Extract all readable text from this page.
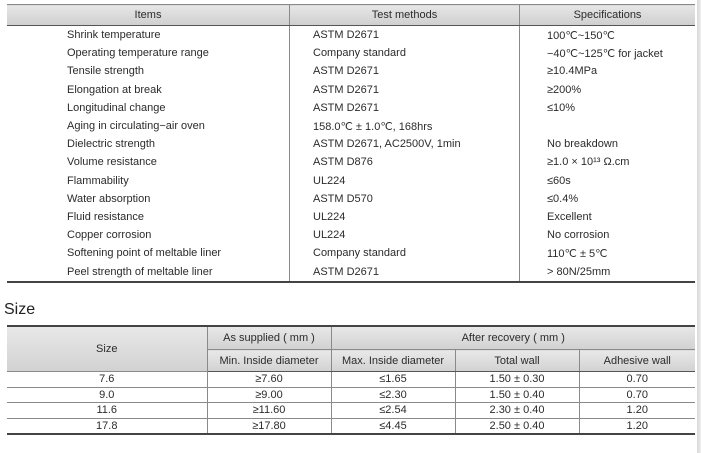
Items	Test methods	Specifications
Shrink temperature	ASTM D2671	100℃~150℃
Operating temperature range	Company standard	−40℃~125℃ for jacket
Tensile strength	ASTM D2671	≥10.4MPa
Elongation at break	ASTM D2671	≥200%
Longitudinal change	ASTM D2671	≤10%
Aging in circulating−air oven	158.0℃ ± 1.0℃, 168hrs	
Dielectric strength	ASTM D2671, AC2500V, 1min	No breakdown
Volume resistance	ASTM D876	≥1.0 × 10¹³ Ω.cm
Flammability	UL224	≤60s
Water absorption	ASTM D570	≤0.4%
Fluid resistance	UL224	Excellent
Copper corrosion	UL224	No corrosion
Softening point of meltable liner	Company standard	110℃ ± 5℃
Peel strength of meltable liner	ASTM D2671	> 80N/25mm
Size
Size	As supplied ( mm )	After recovery ( mm )		
	Min. Inside diameter	Max. Inside diameter	Total wall	Adhesive wall
7.6	≥7.60	≤1.65	1.50 ± 0.30	0.70
9.0	≥9.00	≤2.30	1.50 ± 0.40	0.70
11.6	≥11.60	≤2.54	2.30 ± 0.40	1.20
17.8	≥17.80	≤4.45	2.50 ± 0.40	1.20
